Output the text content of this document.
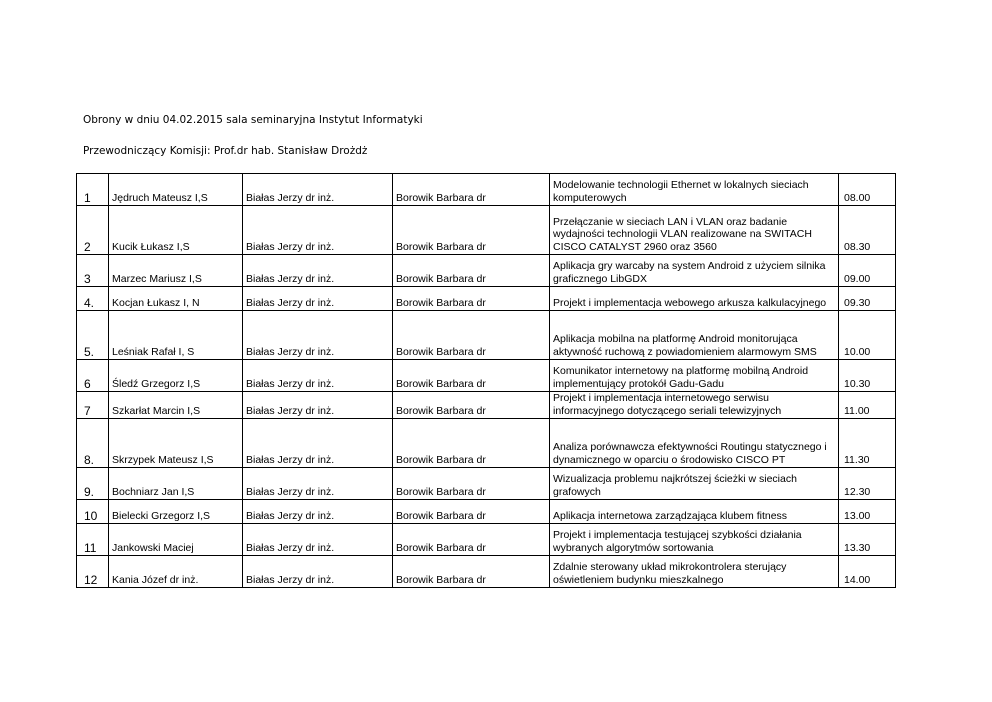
Obrony w dniu 04.02.2015 sala seminaryjna Instytut Informatyki
Przewodniczący Komisji: Prof.dr hab. Stanisław Drożdż
1	Jędruch Mateusz I,S	Białas Jerzy dr inż.	Borowik Barbara dr	Modelowanie technologii Ethernet w lokalnych sieciach komputerowych	08.00
2	Kucik Łukasz I,S	Białas Jerzy dr inż.	Borowik Barbara dr	Przełączanie w sieciach LAN i VLAN oraz badanie wydajności technologii VLAN realizowane na SWITACH CISCO CATALYST 2960 oraz 3560	08.30
3	Marzec Mariusz I,S	Białas Jerzy dr inż.	Borowik Barbara dr	Aplikacja gry warcaby na system Android z użyciem silnika graficznego LibGDX	09.00
4.	Kocjan Łukasz I, N	Białas Jerzy dr inż.	Borowik Barbara dr	Projekt i implementacja webowego arkusza kalkulacyjnego	09.30
5.	Leśniak Rafał I, S	Białas Jerzy dr inż.	Borowik Barbara dr	Aplikacja mobilna na platformę Android monitorująca aktywność ruchową z powiadomieniem alarmowym SMS	10.00
6	Śledź Grzegorz I,S	Białas Jerzy dr inż.	Borowik Barbara dr	Komunikator internetowy na platformę mobilną Android implementujący protokół Gadu-Gadu	10.30
7	Szkarłat Marcin I,S	Białas Jerzy dr inż.	Borowik Barbara dr	Projekt i implementacja internetowego serwisu informacyjnego dotyczącego seriali telewizyjnych	11.00
8.	Skrzypek Mateusz I,S	Białas Jerzy dr inż.	Borowik Barbara dr	Analiza porównawcza efektywności Routingu statycznego i dynamicznego w oparciu o środowisko CISCO PT	11.30
9.	Bochniarz Jan I,S	Białas Jerzy dr inż.	Borowik Barbara dr	Wizualizacja problemu najkrótszej ścieżki w sieciach grafowych	12.30
10	Bielecki Grzegorz I,S	Białas Jerzy dr inż.	Borowik Barbara dr	Aplikacja internetowa zarządzająca klubem fitness	13.00
11	Jankowski Maciej	Białas Jerzy dr inż.	Borowik Barbara dr	Projekt i implementacja testującej szybkości działania wybranych algorytmów sortowania	13.30
12	Kania Józef dr inż.	Białas Jerzy dr inż.	Borowik Barbara dr	Zdalnie sterowany układ mikrokontrolera sterujący oświetleniem budynku mieszkalnego	14.00
